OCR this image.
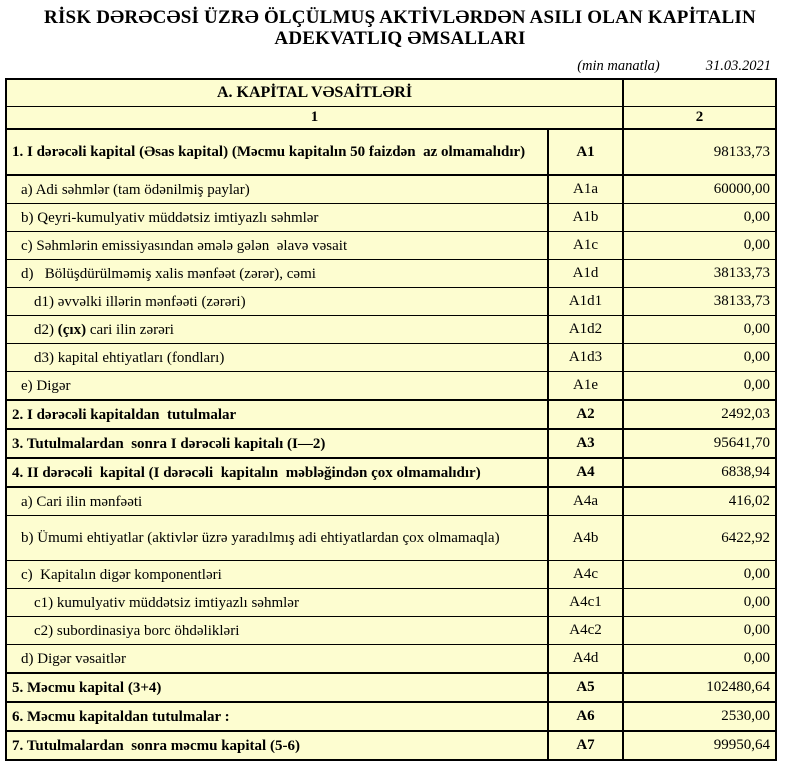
RİSK DƏRƏCƏSİ ÜZRƏ ÖLÇÜLMUŞ AKTİVLƏRDƏN ASILI OLAN KAPİTALIN
ADEKVATLIQ ƏMSALLARI
(min manatla)	31.03.2021
A. KAPİTAL VƏSAİTLƏRİ		
1		2
1. I dərəcəli kapital (Əsas kapital) (Məcmu kapitalın 50 faizdən  az olmamalıdır)	A1	98133,73
a) Adi səhmlər (tam ödənilmiş paylar)	A1a	60000,00
b) Qeyri-kumulyativ müddətsiz imtiyazlı səhmlər	A1b	0,00
c) Səhmlərin emissiyasından əmələ gələn  əlavə vəsait	A1c	0,00
d)   Bölüşdürülməmiş xalis mənfəət (zərər), cəmi	A1d	38133,73
d1) əvvəlki illərin mənfəəti (zərəri)	A1d1	38133,73
d2) (çıx) cari ilin zərəri	A1d2	0,00
d3) kapital ehtiyatları (fondları)	A1d3	0,00
e) Digər	A1e	0,00
2. I dərəcəli kapitaldan  tutulmalar	A2	2492,03
3. Tutulmalardan  sonra I dərəcəli kapitalı (I—2)	A3	95641,70
4. II dərəcəli  kapital (I dərəcəli  kapitalın  məbləğindən çox olmamalıdır)	A4	6838,94
a) Cari ilin mənfəəti	A4a	416,02
b) Ümumi ehtiyatlar (aktivlər üzrə yaradılmış adi ehtiyatlardan çox olmamaqla)	A4b	6422,92
c)  Kapitalın digər komponentləri	A4c	0,00
c1) kumulyativ müddətsiz imtiyazlı səhmlər	A4c1	0,00
c2) subordinasiya borc öhdəlikləri	A4c2	0,00
d) Digər vəsaitlər	A4d	0,00
5. Məcmu kapital (3+4)	A5	102480,64
6. Məcmu kapitaldan tutulmalar :	A6	2530,00
7. Tutulmalardan  sonra məcmu kapital (5-6)	A7	99950,64
